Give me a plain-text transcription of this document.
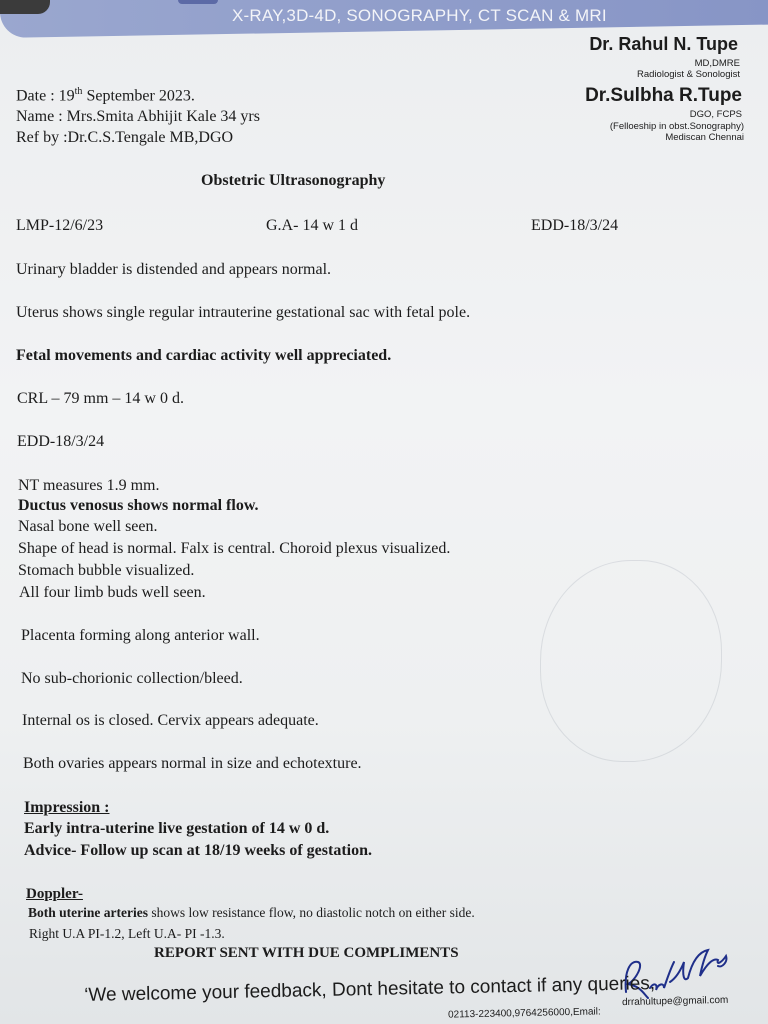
X-RAY,3D-4D, SONOGRAPHY, CT SCAN & MRI
Dr. Rahul N. Tupe
MD,DMRE
Radiologist & Sonologist
Dr.Sulbha R.Tupe
DGO, FCPS
(Felloeship in obst.Sonography)
Mediscan Chennai
Date : 19th September 2023.
Name : Mrs.Smita Abhijit Kale 34 yrs
Ref by :Dr.C.S.Tengale MB,DGO
Obstetric Ultrasonography
LMP-12/6/23	G.A- 14 w 1 d	EDD-18/3/24
Urinary bladder is distended and appears normal.
Uterus shows single regular intrauterine gestational sac with fetal pole.
Fetal movements and cardiac activity well appreciated.
CRL – 79 mm – 14 w 0 d.
EDD-18/3/24
NT measures 1.9 mm.
Ductus venosus shows normal flow.
Nasal bone well seen.
Shape of head is normal. Falx is central. Choroid plexus visualized.
Stomach bubble visualized.
All four limb buds well seen.
Placenta forming along anterior wall.
No sub-chorionic collection/bleed.
Internal os is closed. Cervix appears adequate.
Both ovaries appears normal in size and echotexture.
Impression :
Early intra-uterine live gestation of 14 w 0 d.
Advice- Follow up scan at 18/19 weeks of gestation.
Doppler-
Both uterine arteries shows low resistance flow, no diastolic notch on either side.
Right U.A PI-1.2, Left U.A- PI -1.3.
REPORT SENT WITH DUE COMPLIMENTS
‘We welcome your feedback, Dont hesitate to contact if any queries,
drrahultupe@gmail.com
02113-223400,9764256000,Email:
